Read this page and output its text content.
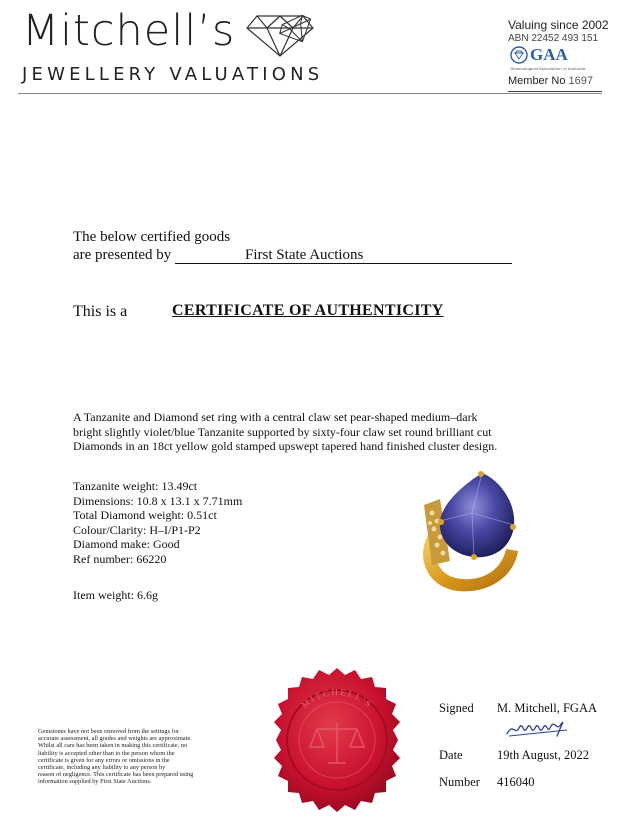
Mitchell’s
JEWELLERY VALUATIONS
Valuing since 2002
ABN 22452 493 151
GAA
Gemmological Association of Australia
Member No 1697
The below certified goods
are presented by	First State Auctions
This is a	CERTIFICATE OF AUTHENTICITY
A Tanzanite and Diamond set ring with a central claw set pear-shaped medium–dark
bright slightly violet/blue Tanzanite supported by sixty-four claw set round brilliant cut
Diamonds in an 18ct yellow gold stamped upswept tapered hand finished cluster design.
Tanzanite weight: 13.49ct
Dimensions: 10.8 x 13.1 x 7.71mm
Total Diamond weight: 0.51ct
Colour/Clarity: H–I/P1-P2
Diamond make: Good
Ref number: 66220
Item weight: 6.6g
Gemstones have not been removed from the settings for
accurate assessment, all grades and weights are approximate.
Whilst all care has been taken in making this certificate, no
liability is accepted other than to the person whom the
certificate is given for any errors or omissions in the
certificate, including any liability to any person by
reason of negligence. This certificate has been prepared using
information supplied by First State Auctions.
MITCHELL'S	Signed M. Mitchell, FGAA
Date	19th August, 2022
Number 416040
